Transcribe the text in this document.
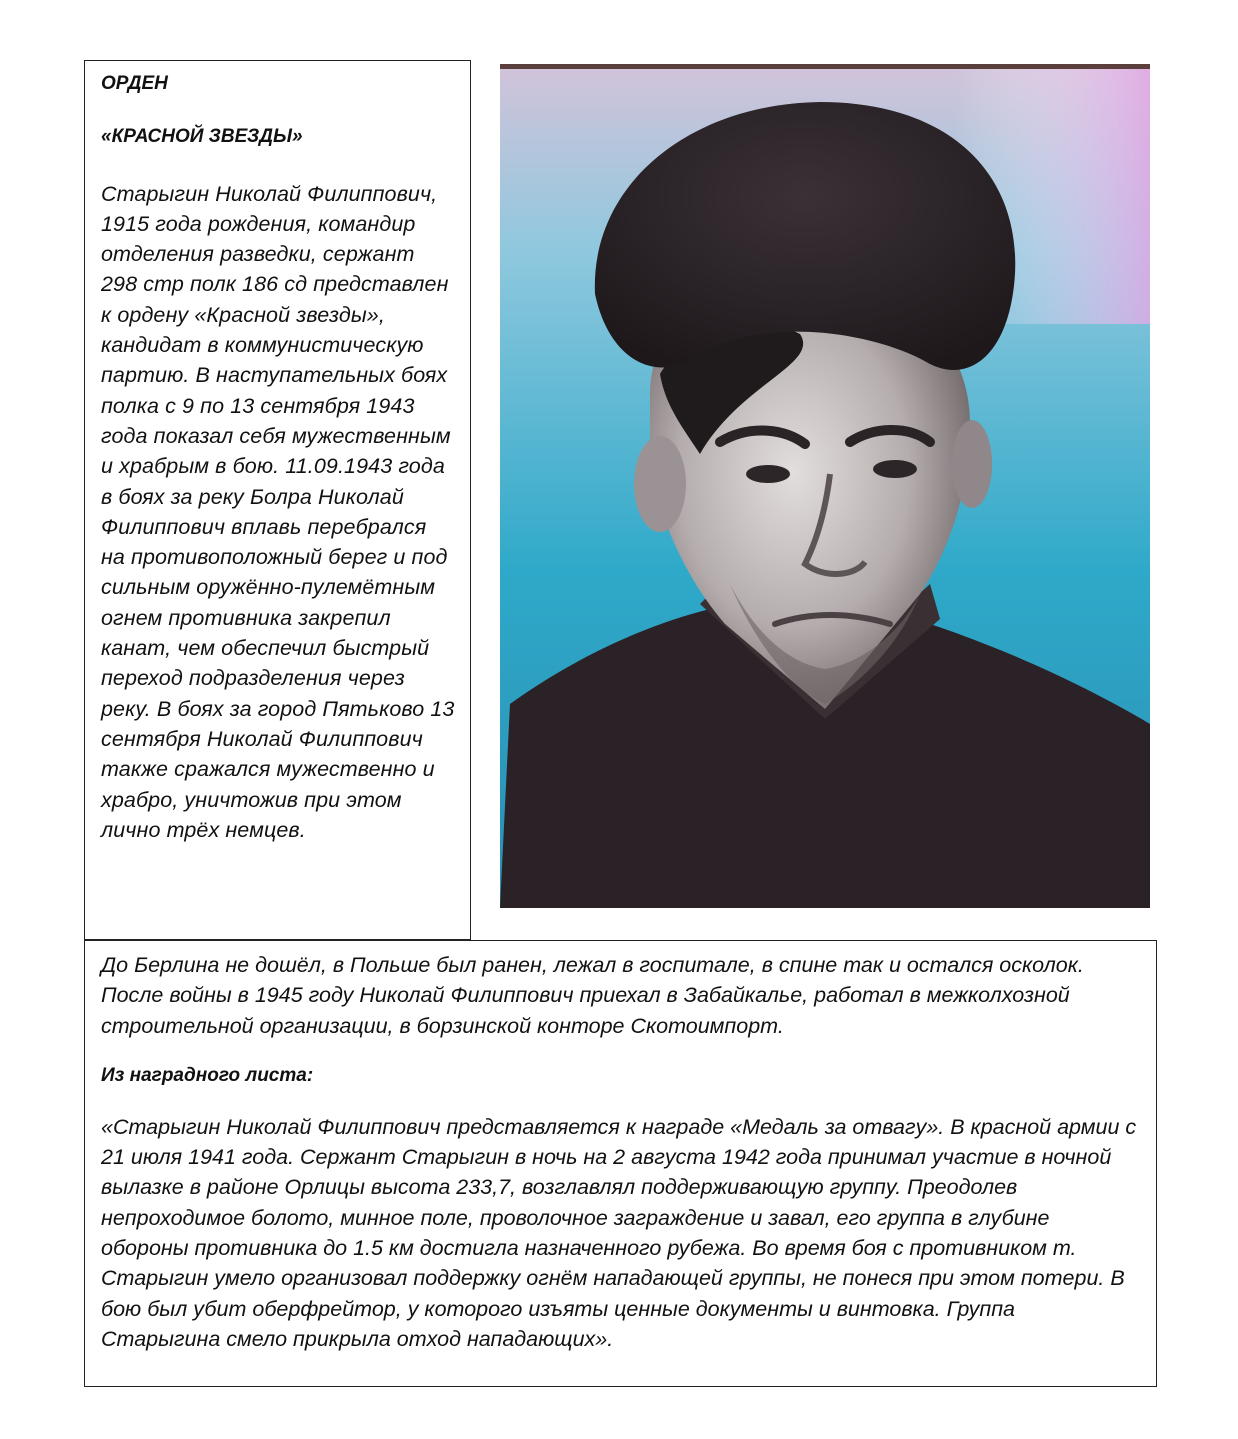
ОРДЕН

«КРАСНОЙ ЗВЕЗДЫ»

Старыгин Николай Филиппович, 1915 года рождения, командир отделения разведки, сержант 298 стр полк 186 сд представлен к ордену «Красной звезды», кандидат в коммунистическую партию. В наступательных боях полка с 9 по 13 сентября 1943 года показал себя мужественным и храбрым в бою. 11.09.1943 года в боях за реку Болра Николай Филиппович вплавь перебрался на противоположный берег и под сильным оружённо-пулемётным огнем противника закрепил канат, чем обеспечил быстрый переход подразделения через реку. В боях за город Пятьково 13 сентября Николай Филиппович также сражался мужественно и храбро, уничтожив при этом лично трёх немцев.

До Берлина не дошёл, в Польше был ранен, лежал в госпитале, в спине так и остался осколок. После войны в 1945 году Николай Филиппович приехал в Забайкалье, работал в межколхозной строительной организации, в борзинской конторе Скотоимпорт.

Из наградного листа:

«Старыгин Николай Филиппович представляется к награде «Медаль за отвагу». В красной армии с 21 июля 1941 года. Сержант Старыгин в ночь на 2 августа 1942 года принимал участие в ночной вылазке в районе Орлицы высота 233,7, возглавлял поддерживающую группу. Преодолев непроходимое болото, минное поле, проволочное заграждение и завал, его группа в глубине обороны противника до 1.5 км достигла назначенного рубежа. Во время боя с противником т. Старыгин умело организовал поддержку огнём нападающей группы, не понеся при этом потери. В бою был убит оберфрейтор, у которого изъяты ценные документы и винтовка. Группа Старыгина смело прикрыла отход нападающих».
